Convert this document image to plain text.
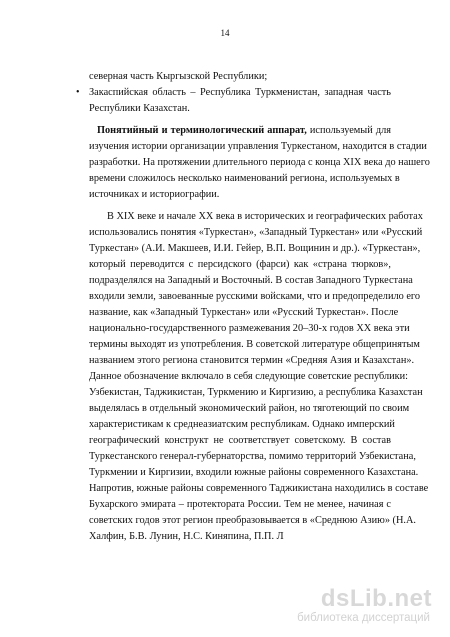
14
северная часть Кыргызской Республики;
• Закаспийская область – Республика Туркменистан, западная часть
Республики Казахстан.
Понятийный и терминологический аппарат, используемый для
изучения истории организации управления Туркестаном, находится в стадии
разработки. На протяжении длительного периода с конца XIX века до нашего
времени сложилось несколько наименований региона, используемых в
источниках и историографии.
В XIX веке и начале XX века в исторических и географических работах
использовались понятия «Туркестан», «Западный Туркестан» или «Русский
Туркестан» (А.И. Макшеев, И.И. Гейер, В.П. Вощинин и др.). «Туркестан»,
который переводится с персидского (фарси) как «страна тюрков»,
подразделялся на Западный и Восточный. В состав Западного Туркестана
входили земли, завоеванные русскими войсками, что и предопределило его
название, как «Западный Туркестан» или «Русский Туркестан». После
национально-государственного размежевания 20–30-х годов XX века эти
термины выходят из употребления. В советской литературе общепринятым
названием этого региона становится термин «Средняя Азия и Казахстан».
Данное обозначение включало в себя следующие советские республики:
Узбекистан, Таджикистан, Туркмению и Киргизию, а республика Казахстан
выделялась в отдельный экономический район, но тяготеющий по своим
характеристикам к среднеазиатским республикам. Однако имперский
географический конструкт не соответствует советскому. В состав
Туркестанского генерал-губернаторства, помимо территорий Узбекистана,
Туркмении и Киргизии, входили южные районы современного Казахстана.
Напротив, южные районы современного Таджикистана находились в составе
Бухарского эмирата – протектората России. Тем не менее, начиная с
советских годов этот регион преобразовывается в «Среднюю Азию» (Н.А.
Халфин, Б.В. Лунин, Н.С. Киняпина, П.П. Л
dsLib.net
библиотека диссертаций
